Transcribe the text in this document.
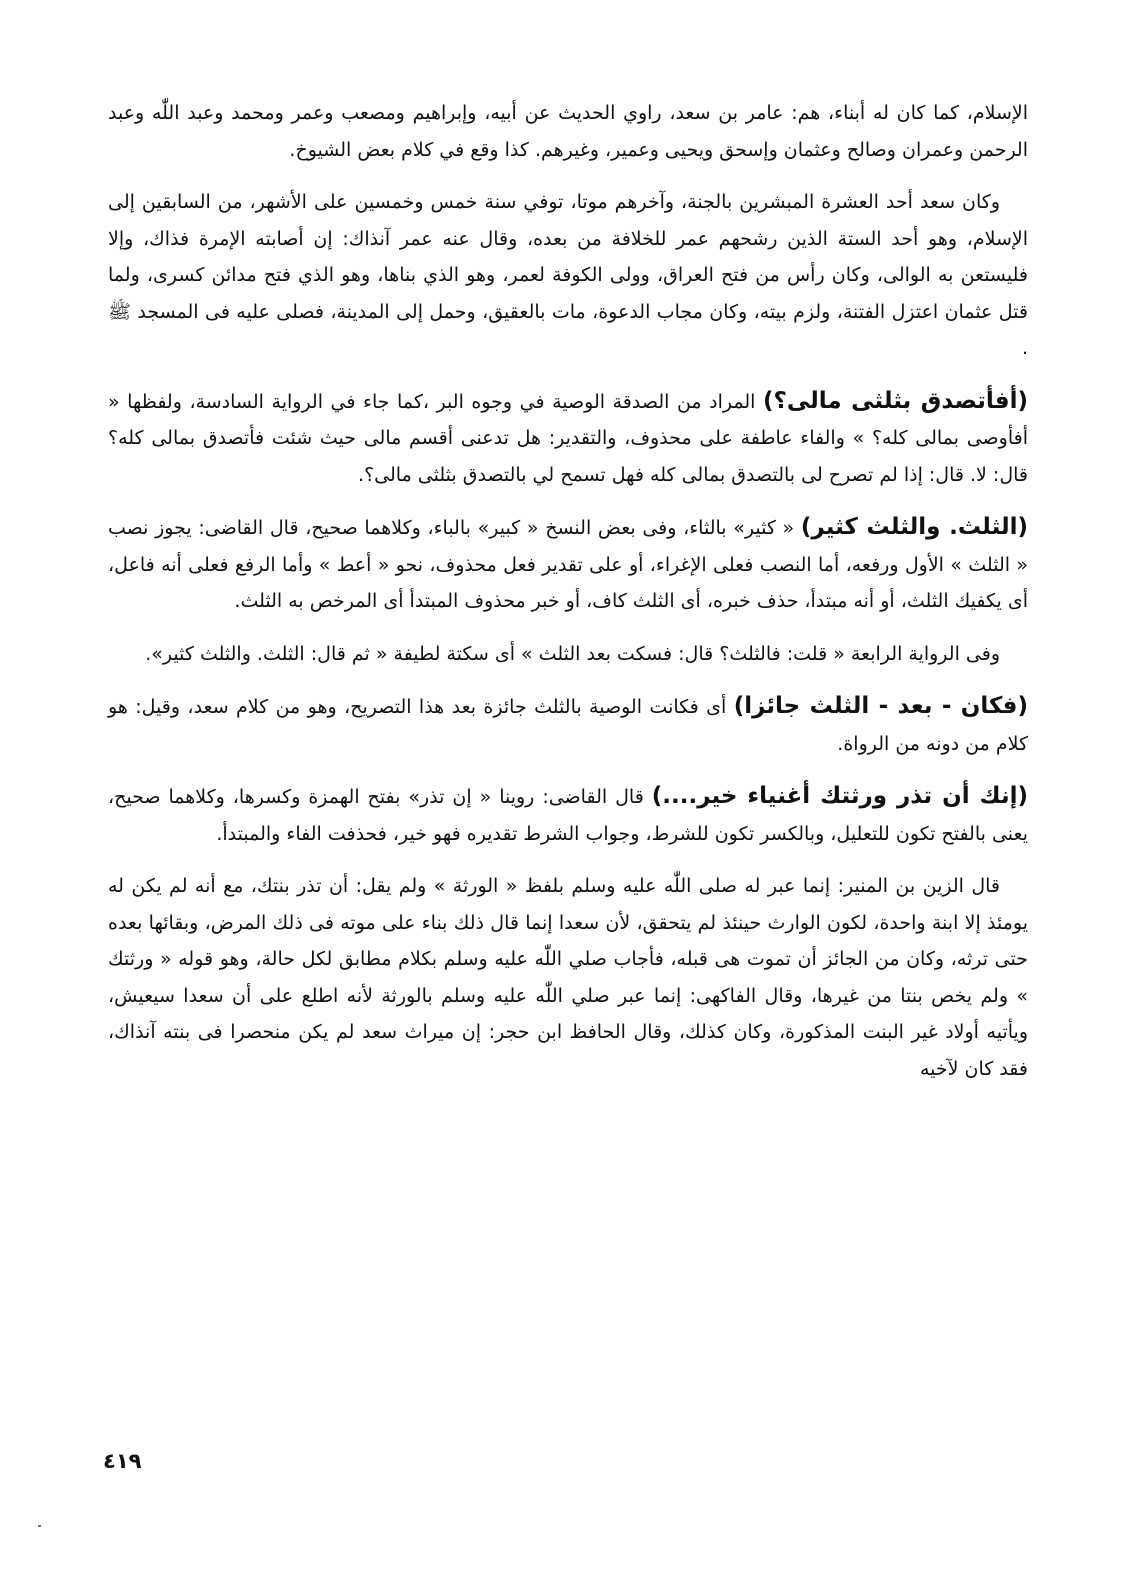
الإسلام، كما كان له أبناء، هم: عامر بن سعد، راوي الحديث عن أبيه، وإبراهيم ومصعب وعمر ومحمد وعبد اللّٰه وعبد الرحمن وعمران وصالح وعثمان وإسحق ويحيى وعمير، وغيرهم. كذا وقع في كلام بعض الشيوخ.

وكان سعد أحد العشرة المبشرين بالجنة، وآخرهم موتا، توفي سنة خمس وخمسين على الأشهر، من السابقين إلى الإسلام، وهو أحد الستة الذين رشحهم عمر للخلافة من بعده، وقال عنه عمر آنذاك: إن أصابته الإمرة فذاك، وإلا فليستعن به الوالى، وكان رأس من فتح العراق، وولى الكوفة لعمر، وهو الذي بناها، وهو الذي فتح مدائن كسرى، ولما قتل عثمان اعتزل الفتنة، ولزم بيته، وكان مجاب الدعوة، مات بالعقيق، وحمل إلى المدينة، فصلى عليه فى المسجد ﷺ .

(أفأتصدق بثلثى مالى؟) المراد من الصدقة الوصية في وجوه البر ،كما جاء في الرواية السادسة، ولفظها « أفأوصى بمالى كله؟ » والفاء عاطفة على محذوف، والتقدير: هل تدعنى أقسم مالى حيث شئت فأتصدق بمالى كله؟ قال: لا. قال: إذا لم تصرح لى بالتصدق بمالى كله فهل تسمح لي بالتصدق بثلثى مالى؟.

(الثلث. والثلث كثير) « كثير» بالثاء، وفى بعض النسخ « كبير» بالباء، وكلاهما صحيح، قال القاضى: يجوز نصب « الثلث » الأول ورفعه، أما النصب فعلى الإغراء، أو على تقدير فعل محذوف، نحو « أعط » وأما الرفع فعلى أنه فاعل، أى يكفيك الثلث، أو أنه مبتدأ، حذف خبره، أى الثلث كاف، أو خبر محذوف المبتدأ أى المرخص به الثلث.

وفى الرواية الرابعة « قلت: فالثلث؟ قال: فسكت بعد الثلث » أى سكتة لطيفة « ثم قال: الثلث. والثلث كثير».

(فكان - بعد - الثلث جائزا) أى فكانت الوصية بالثلث جائزة بعد هذا التصريح، وهو من كلام سعد، وقيل: هو كلام من دونه من الرواة.

(إنك أن تذر ورثتك أغنياء خير....) قال القاضى: روينا « إن تذر» بفتح الهمزة وكسرها، وكلاهما صحيح، يعنى بالفتح تكون للتعليل، وبالكسر تكون للشرط، وجواب الشرط تقديره فهو خير، فحذفت الفاء والمبتدأ.

قال الزين بن المنير: إنما عبر له صلى اللّٰه عليه وسلم بلفظ « الورثة » ولم يقل: أن تذر بنتك، مع أنه لم يكن له يومئذ إلا ابنة واحدة، لكون الوارث حينئذ لم يتحقق، لأن سعدا إنما قال ذلك بناء على موته فى ذلك المرض، وبقائها بعده حتى ترثه، وكان من الجائز أن تموت هى قبله، فأجاب صلي اللّٰه عليه وسلم بكلام مطابق لكل حالة، وهو قوله « ورثتك » ولم يخص بنتا من غيرها، وقال الفاكهى: إنما عبر صلي اللّٰه عليه وسلم بالورثة لأنه اطلع على أن سعدا سيعيش، ويأتيه أولاد غير البنت المذكورة، وكان كذلك، وقال الحافظ ابن حجر: إن ميراث سعد لم يكن منحصرا فى بنته آنذاك، فقد كان لآخيه

٤١٩
